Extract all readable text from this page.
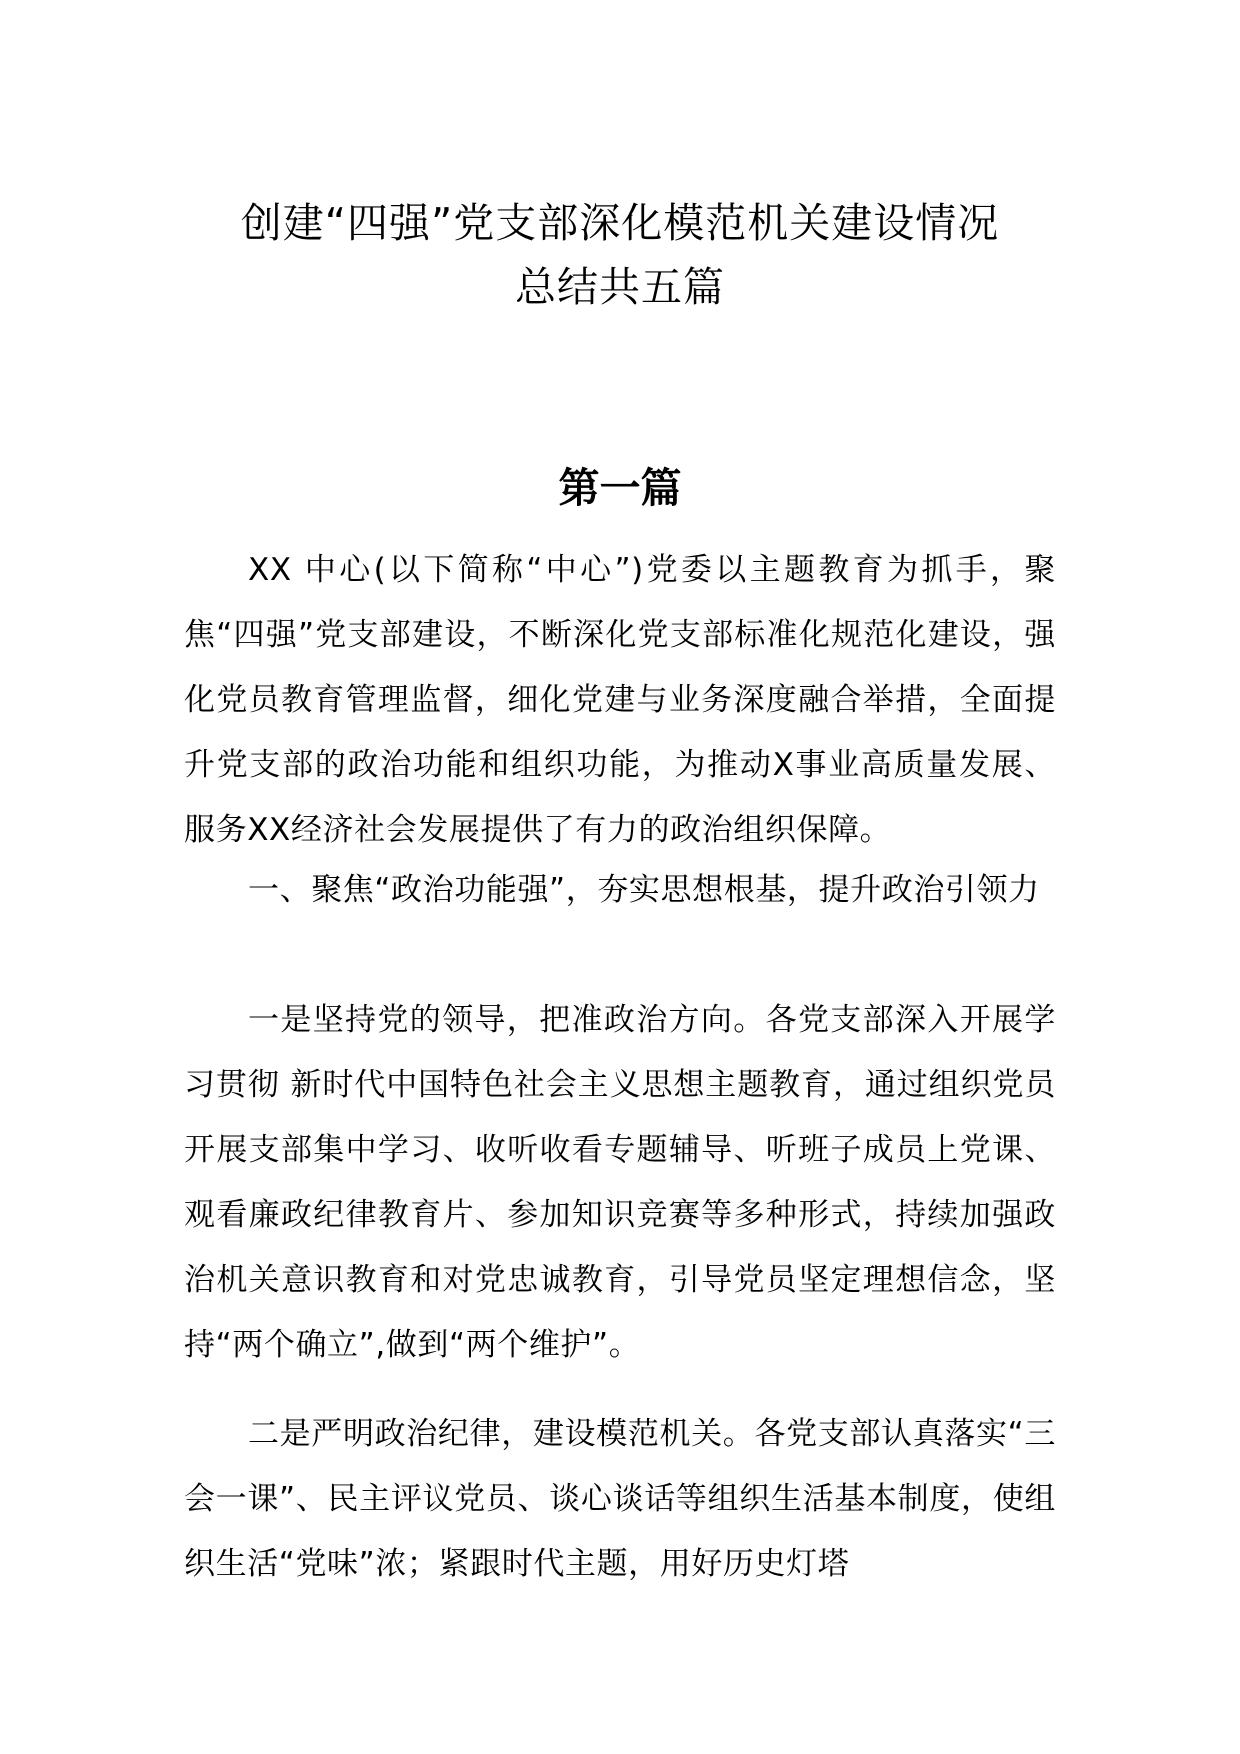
创建“四强”党支部深化模范机关建设情况
总结共五篇
第一篇

XX 中心(以下简称“中心”)党委以主题教育为抓手，聚焦“四强”党支部建设，不断深化党支部标准化规范化建设，强化党员教育管理监督，细化党建与业务深度融合举措，全面提升党支部的政治功能和组织功能，为推动X事业高质量发展、服务XX经济社会发展提供了有力的政治组织保障。

一、聚焦“政治功能强”，夯实思想根基，提升政治引领力

一是坚持党的领导，把准政治方向。各党支部深入开展学习贯彻 新时代中国特色社会主义思想主题教育，通过组织党员开展支部集中学习、收听收看专题辅导、听班子成员上党课、观看廉政纪律教育片、参加知识竞赛等多种形式，持续加强政治机关意识教育和对党忠诚教育，引导党员坚定理想信念，坚持“两个确立”,做到“两个维护”。

二是严明政治纪律，建设模范机关。各党支部认真落实“三会一课”、民主评议党员、谈心谈话等组织生活基本制度，使组织生活“党味”浓；紧跟时代主题，用好历史灯塔
